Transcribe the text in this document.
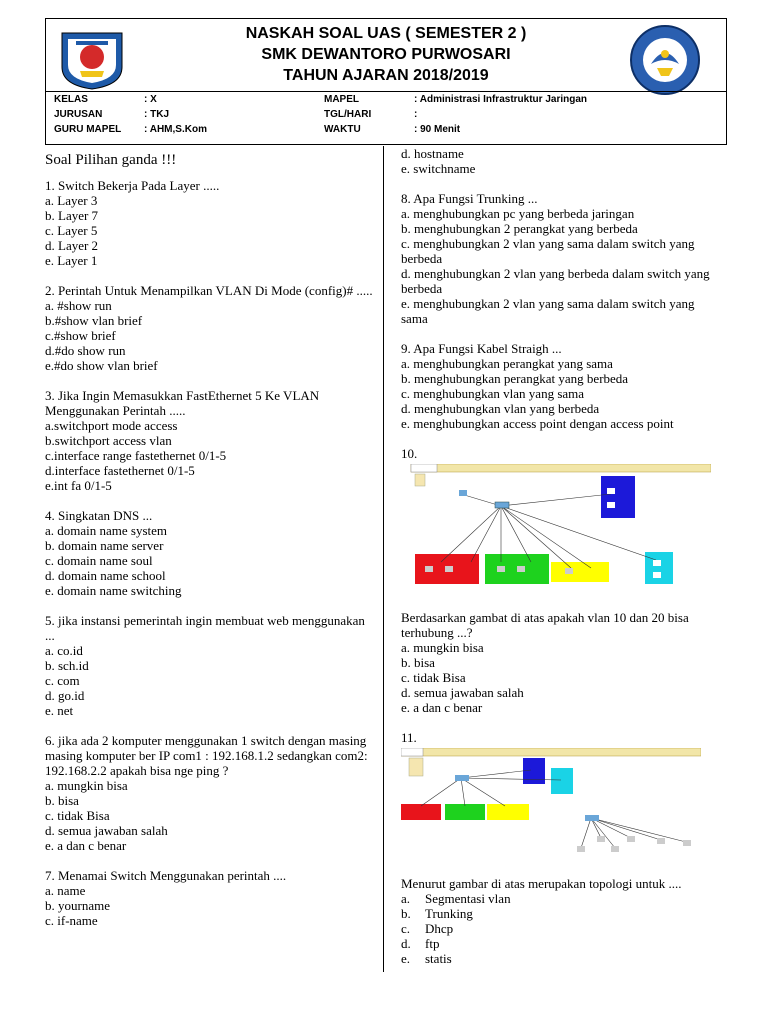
NASKAH SOAL UAS ( SEMESTER 2 )
SMK DEWANTORO PURWOSARI
TAHUN AJARAN 2018/2019
KELAS	: X	MAPEL	: Administrasi Infrastruktur Jaringan
JURUSAN	: TKJ	TGL/HARI	:
GURU MAPEL : AHM,S.Kom	WAKTU	: 90 Menit

Soal Pilihan ganda !!!

1. Switch Bekerja Pada Layer .....

a. Layer 3

b. Layer 7

c. Layer 5

d. Layer 2

e. Layer 1

2. Perintah Untuk Menampilkan VLAN Di Mode (config)# .....

a. #show run

b.#show vlan brief

c.#show brief

d.#do show run

e.#do show vlan brief

3. Jika Ingin Memasukkan FastEthernet 5 Ke VLAN Menggunakan Perintah .....

a.switchport mode access

b.switchport access vlan

c.interface range fastethernet 0/1-5

d.interface fastethernet 0/1-5

e.int fa 0/1-5

4. Singkatan DNS ...

a. domain name system

b. domain name server

c. domain name soul

d. domain name school

e. domain name switching

5. jika instansi pemerintah ingin membuat web menggunakan ...

a. co.id

b. sch.id

c. com

d. go.id

e. net

6. jika ada 2 komputer menggunakan 1 switch dengan masing masing komputer ber IP com1 : 192.168.1.2 sedangkan com2: 192.168.2.2 apakah bisa nge ping ?

a. mungkin bisa

b. bisa

c. tidak Bisa

d. semua jawaban salah

e. a dan c benar

7. Menamai Switch Menggunakan perintah ....

a. name

b. yourname

c. if-name

d. hostname

e. switchname

8. Apa Fungsi Trunking ...

a. menghubungkan pc yang berbeda jaringan

b. menghubungkan 2 perangkat yang berbeda

c. menghubungkan 2 vlan yang sama dalam switch yang berbeda

d. menghubungkan 2 vlan yang berbeda dalam switch yang berbeda

e. menghubungkan 2 vlan yang sama dalam switch yang sama

9. Apa Fungsi Kabel Straigh ...

a. menghubungkan perangkat yang sama

b. menghubungkan perangkat yang berbeda

c. menghubungkan vlan yang sama

d. menghubungkan vlan yang berbeda

e. menghubungkan access point dengan access point

10.

Berdasarkan gambat di atas apakah vlan 10 dan 20 bisa terhubung ...?

a. mungkin bisa

b. bisa

c. tidak Bisa

d. semua jawaban salah

e. a dan c benar

11.

Menurut gambar di atas merupakan topologi untuk ....

a. Segmentasi vlan

b. Trunking

c. Dhcp

d. ftp

e. statis
